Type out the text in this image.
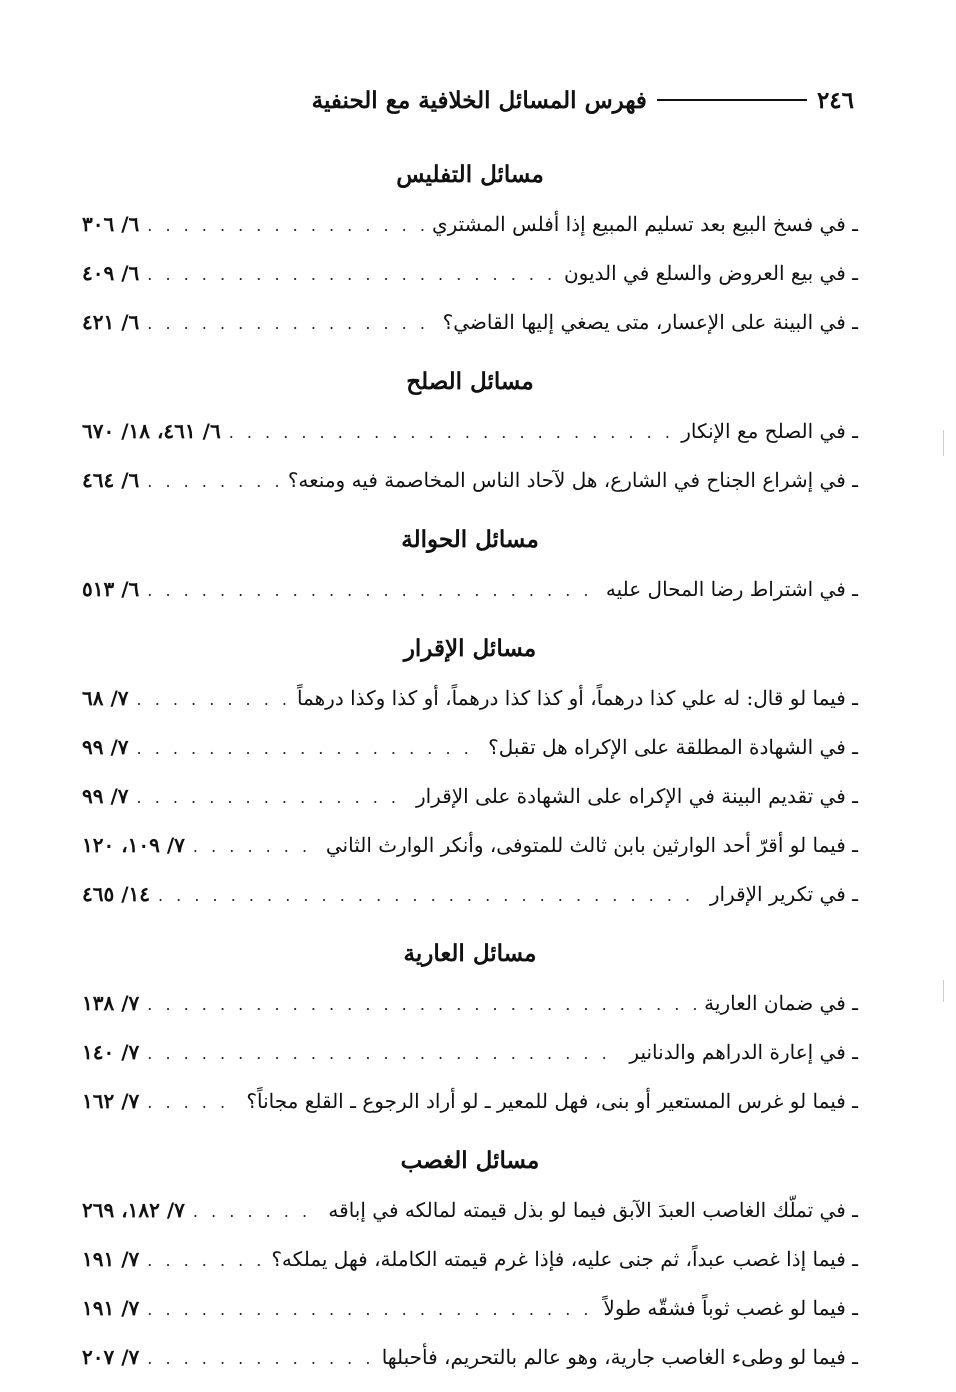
٢٤٦
فهرس المسائل الخلافية مع الحنفية
مسائل التفليس
ـ في فسخ البيع بعد تسليم المبيع إذا أفلس المشتري
. . .
٦/ ٣٠٦
ـ في بيع العروض والسلع في الديون
. . .
٦/ ٤٠٩
ـ في البينة على الإعسار، متى يصغي إليها القاضي؟
. . .
٦/ ٤٢١
مسائل الصلح
ـ في الصلح مع الإنكار
. . .
٦/ ٤٦١، ١٨/ ٦٧٠
ـ في إشراع الجناح في الشارع، هل لآحاد الناس المخاصمة فيه ومنعه؟
. . .
٦/ ٤٦٤
مسائل الحوالة
ـ في اشتراط رضا المحال عليه
. . .
٦/ ٥١٣
مسائل الإقرار
ـ فيما لو قال: له علي كذا درهماً، أو كذا كذا درهماً، أو كذا وكذا درهماً
. . .
٧/ ٦٨
ـ في الشهادة المطلقة على الإكراه هل تقبل؟
. . .
٧/ ٩٩
ـ في تقديم البينة في الإكراه على الشهادة على الإقرار
. . .
٧/ ٩٩
ـ فيما لو أقرّ أحد الوارثين بابن ثالث للمتوفى، وأنكر الوارث الثاني
. . .
٧/ ١٠٩، ١٢٠
ـ في تكرير الإقرار
. . .
١٤/ ٤٦٥
مسائل العارية
ـ في ضمان العارية
. . .
٧/ ١٣٨
ـ في إعارة الدراهم والدنانير
. . .
٧/ ١٤٠
ـ فيما لو غرس المستعير أو بنى، فهل للمعير ـ لو أراد الرجوع ـ القلع مجاناً؟
. . .
٧/ ١٦٢
مسائل الغصب
ـ في تملّك الغاصب العبدَ الآبق فيما لو بذل قيمته لمالكه في إباقه
. . .
٧/ ١٨٢، ٢٦٩
ـ فيما إذا غصب عبداً، ثم جنى عليه، فإذا غرم قيمته الكاملة، فهل يملكه؟
. . .
٧/ ١٩١
ـ فيما لو غصب ثوباً فشقّه طولاً
. . .
٧/ ١٩١
ـ فيما لو وطىء الغاصب جارية، وهو عالم بالتحريم، فأحبلها
. . .
٧/ ٢٠٧
